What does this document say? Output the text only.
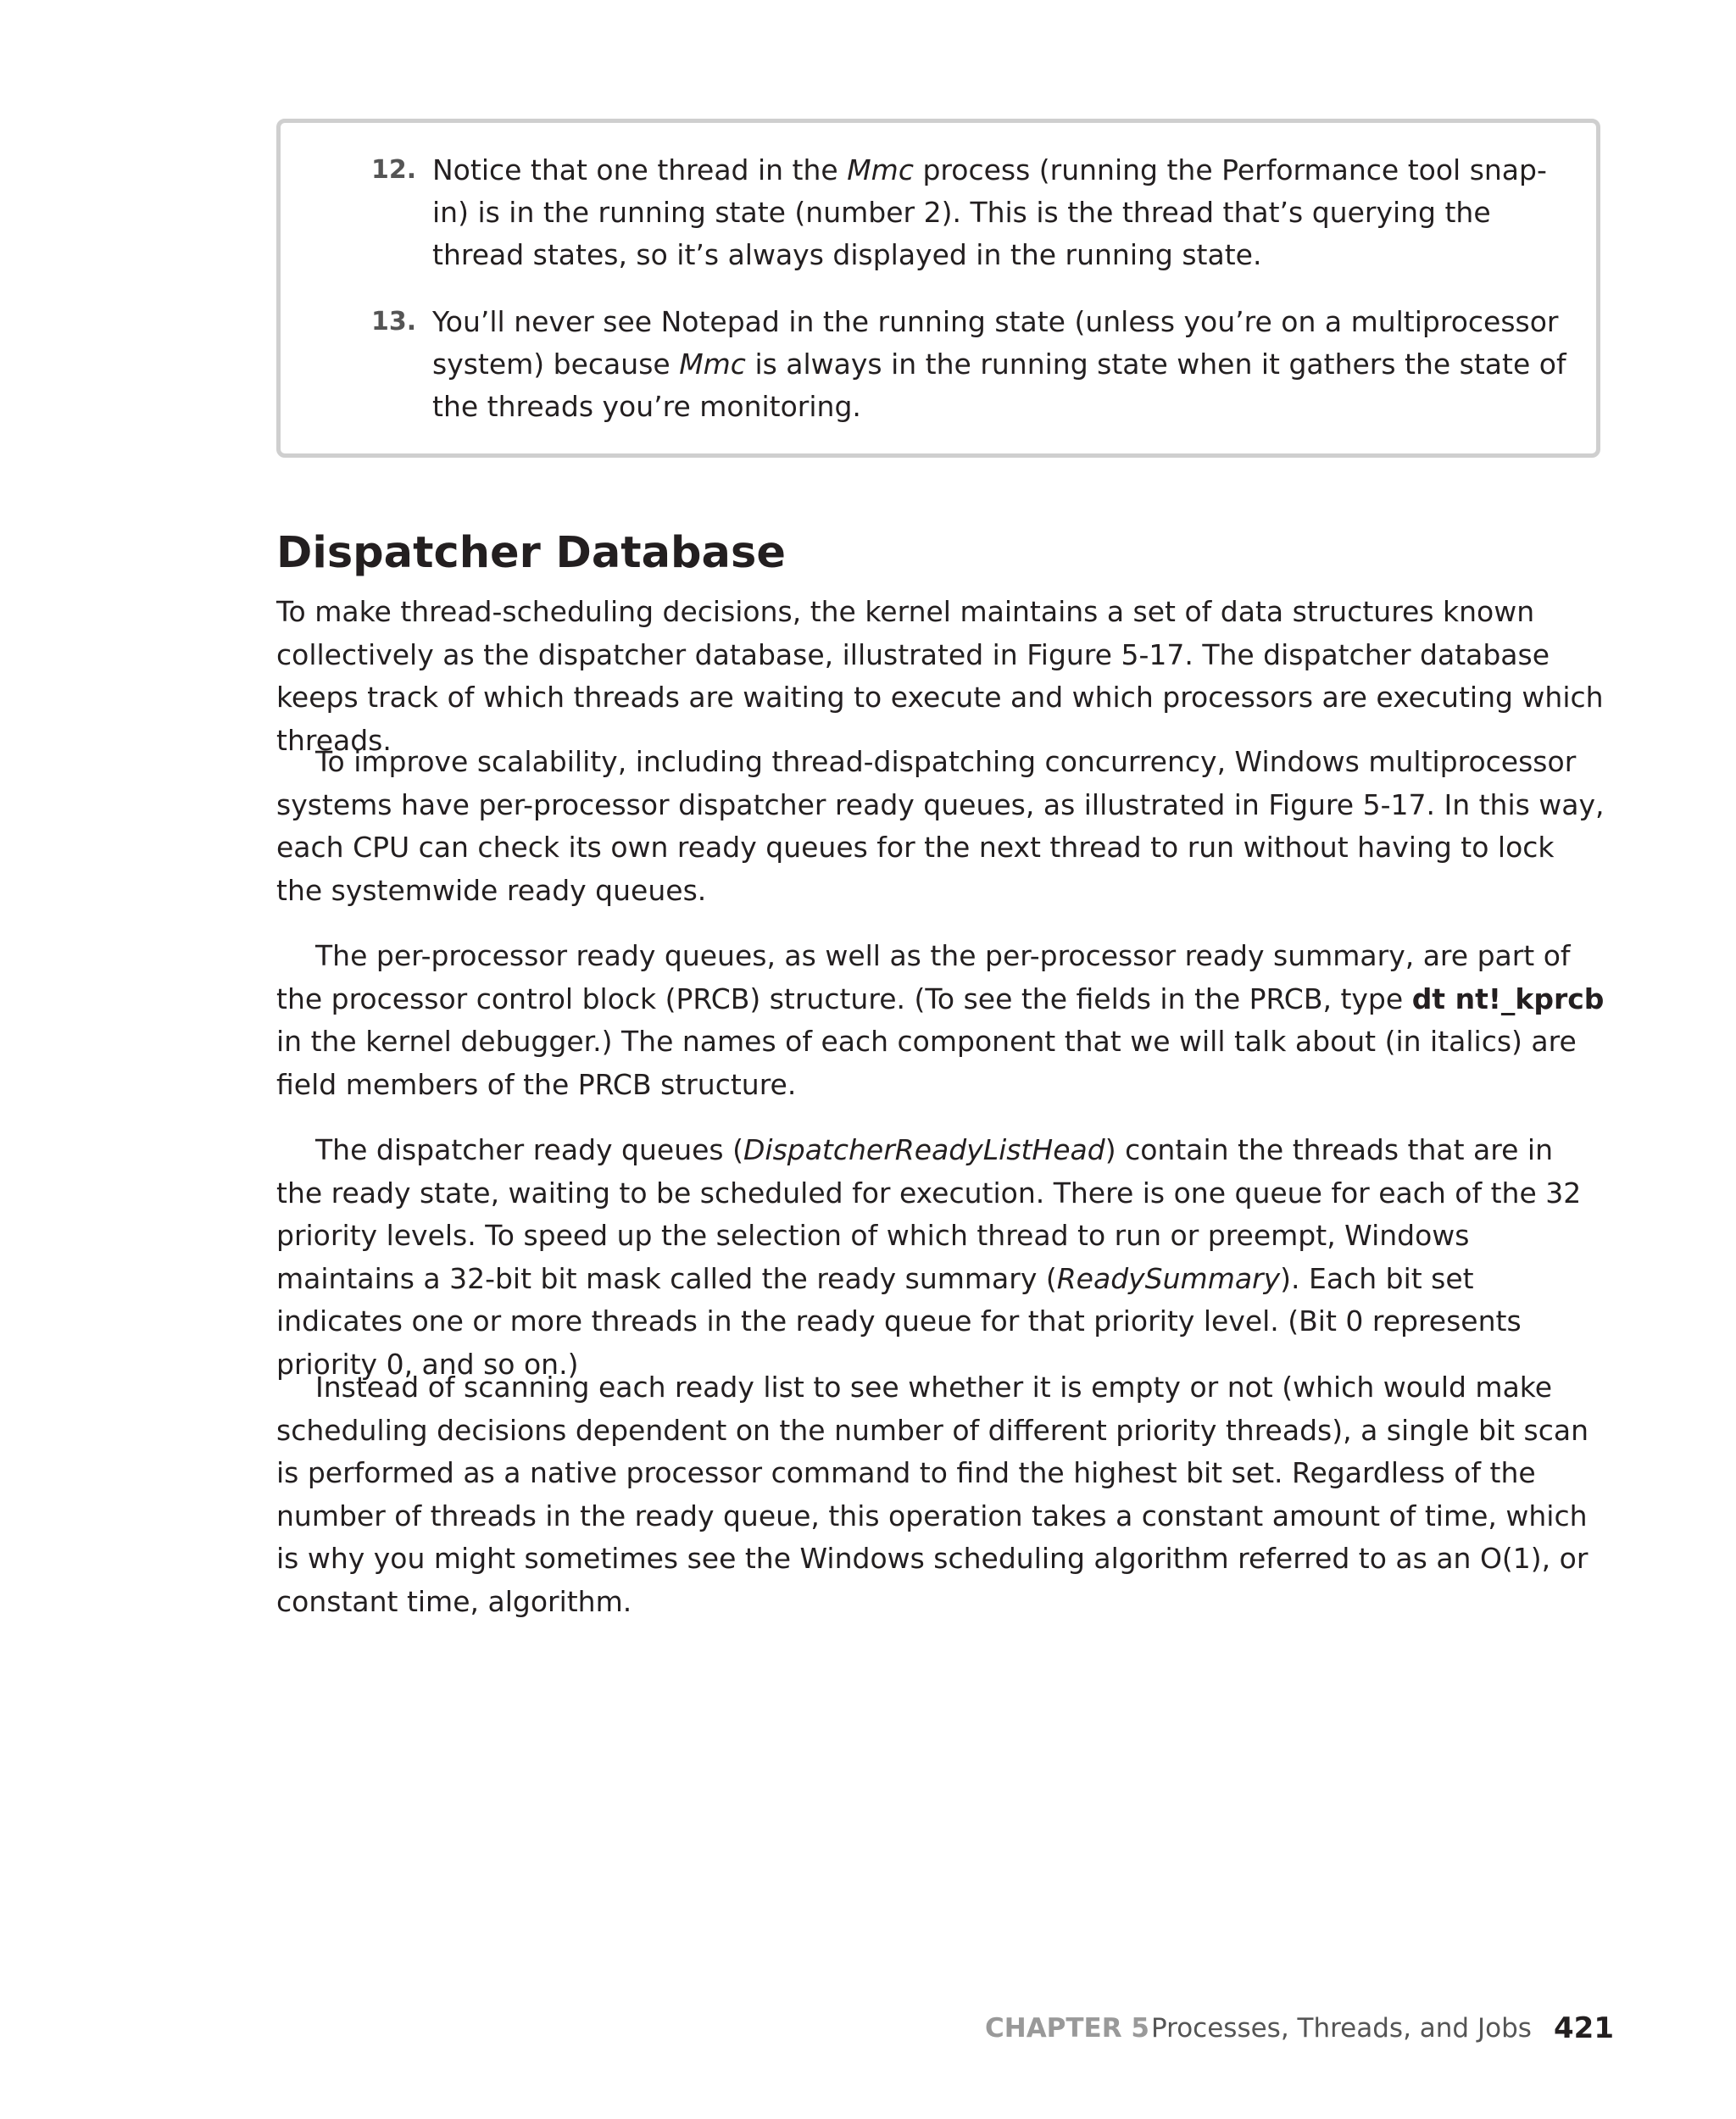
12. Notice that one thread in the Mmc process (running the Performance tool snap-in) is in the running state (number 2). This is the thread that’s querying the thread states, so it’s always displayed in the running state.
13. You’ll never see Notepad in the running state (unless you’re on a multiprocessor system) because Mmc is always in the running state when it gathers the state of the threads you’re monitoring.
Dispatcher Database

To make thread-scheduling decisions, the kernel maintains a set of data structures known collectively as the dispatcher database, illustrated in Figure 5-17. The dispatcher database keeps track of which threads are waiting to execute and which processors are executing which threads.

To improve scalability, including thread-dispatching concurrency, Windows multiprocessor systems have per-processor dispatcher ready queues, as illustrated in Figure 5-17. In this way, each CPU can check its own ready queues for the next thread to run without having to lock the systemwide ready queues.

The per-processor ready queues, as well as the per-processor ready summary, are part of the processor control block (PRCB) structure. (To see the fields in the PRCB, type dt nt!_kprcb in the kernel debugger.) The names of each component that we will talk about (in italics) are field members of the PRCB structure.

The dispatcher ready queues (DispatcherReadyListHead) contain the threads that are in the ready state, waiting to be scheduled for execution. There is one queue for each of the 32 priority levels. To speed up the selection of which thread to run or preempt, Windows maintains a 32-bit bit mask called the ready summary (ReadySummary). Each bit set indicates one or more threads in the ready queue for that priority level. (Bit 0 represents priority 0, and so on.)

Instead of scanning each ready list to see whether it is empty or not (which would make scheduling decisions dependent on the number of different priority threads), a single bit scan is performed as a native processor command to find the highest bit set. Regardless of the number of threads in the ready queue, this operation takes a constant amount of time, which is why you might sometimes see the Windows scheduling algorithm referred to as an O(1), or constant time, algorithm.

CHAPTER 5 Processes, Threads, and Jobs 421
